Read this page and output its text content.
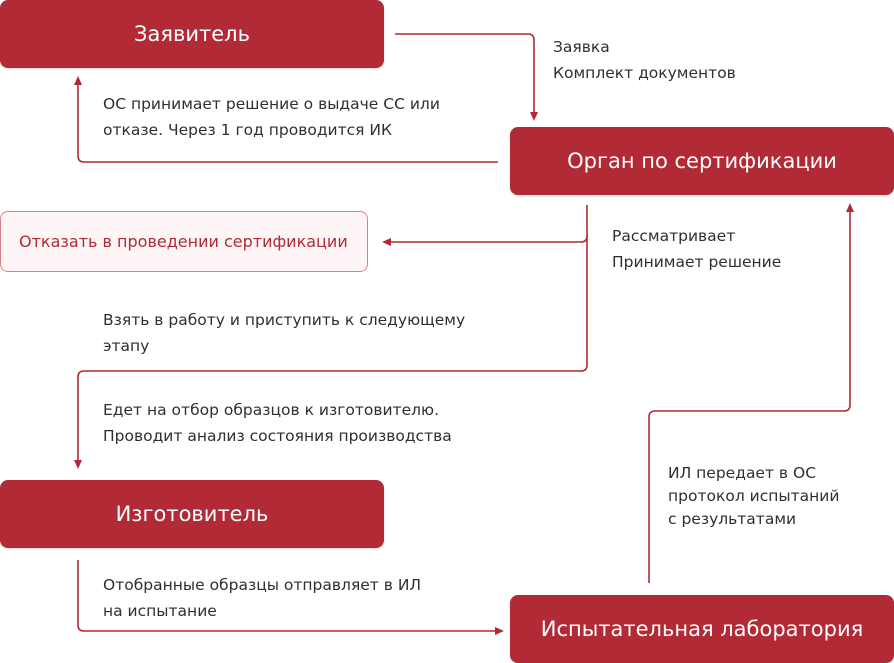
Заявитель
Орган по сертификации
Отказать в проведении сертификации
Изготовитель
Испытательная лаборатория
Заявка
Комплект документов
ОС принимает решение о выдаче СС или
отказе. Через 1 год проводится ИК
Рассматривает
Принимает решение
Взять в работу и приступить к следующему
этапу
Едет на отбор образцов к изготовителю.
Проводит анализ состояния производства
Отобранные образцы отправляет в ИЛ
на испытание
ИЛ передает в ОС
протокол испытаний
с результатами
